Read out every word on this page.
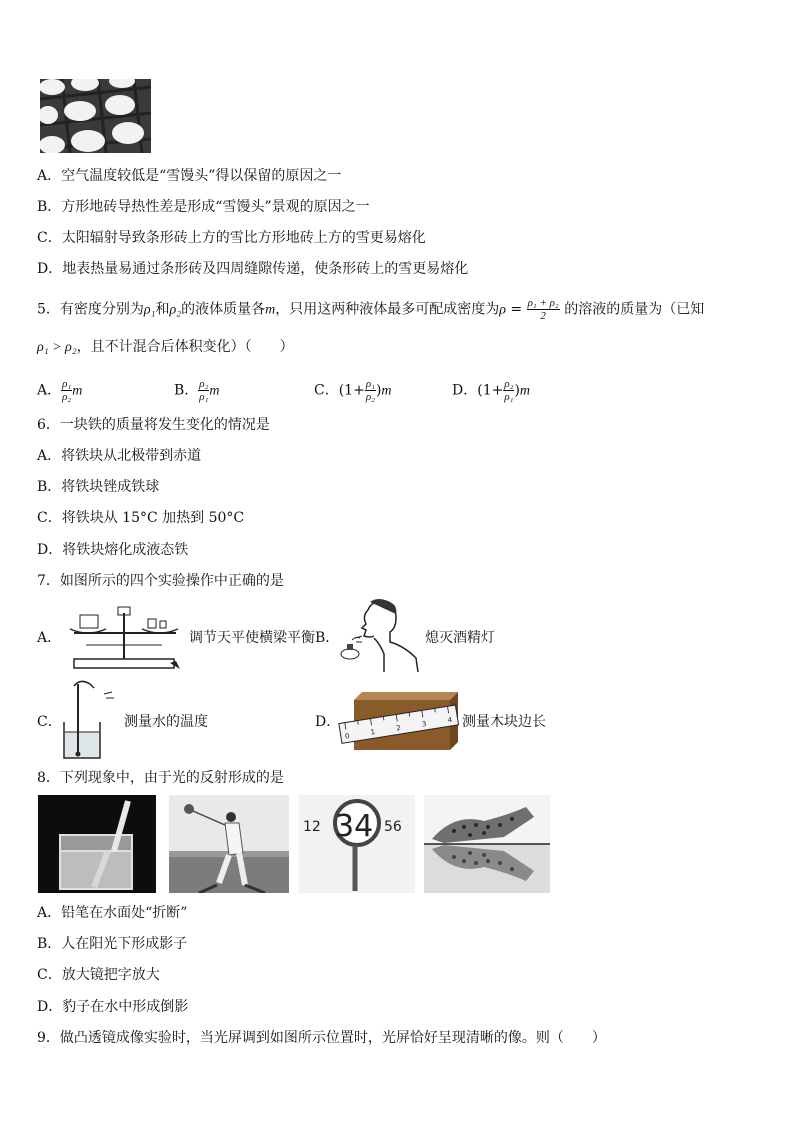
A．空气温度较低是“雪馒头”得以保留的原因之一
B．方形地砖导热性差是形成“雪馒头”景观的原因之一
C．太阳辐射导致条形砖上方的雪比方形地砖上方的雪更易熔化
D．地表热量易通过条形砖及四周缝隙传递，使条形砖上的雪更易熔化
5．有密度分别为ρ₁和ρ₂的液体质量各m，只用这两种液体最多可配成密度为$\rho = \frac{\text{ρ₁ + ρ₂}}{2}$ 的溶液的质量为（已知
ρ₁ > ρ₂，且不计混合后体积变化）（　　）
A． $\frac{\text{ρ₁}}{\text{ρ₂}}$ m	B． $\frac{\text{ρ₂}}{\text{ρ₁}}$ m	C．$(1+ \frac{\text{ρ₁}}{\text{ρ₂}} )m$	D．$(1+ \frac{\text{ρ₂}}{\text{ρ₁}} )m$
6．一块铁的质量将发生变化的情况是
A．将铁块从北极带到赤道
B．将铁块锉成铁球
C．将铁块从 15°C 加热到 50°C
D．将铁块熔化成液态铁
7．如图所示的四个实验操作中正确的是
A．	调节天平使横梁平衡 B．	熄灭酒精灯
C．	测量水的温度	D．
0	1	2	3	4 测量木块边长
8．下列现象中，由于光的反射形成的是
12 34 56
A．铅笔在水面处“折断”
B．人在阳光下形成影子
C．放大镜把字放大
D．豹子在水中形成倒影
9．做凸透镜成像实验时，当光屏调到如图所示位置时，光屏恰好呈现清晰的像。则（　　）
